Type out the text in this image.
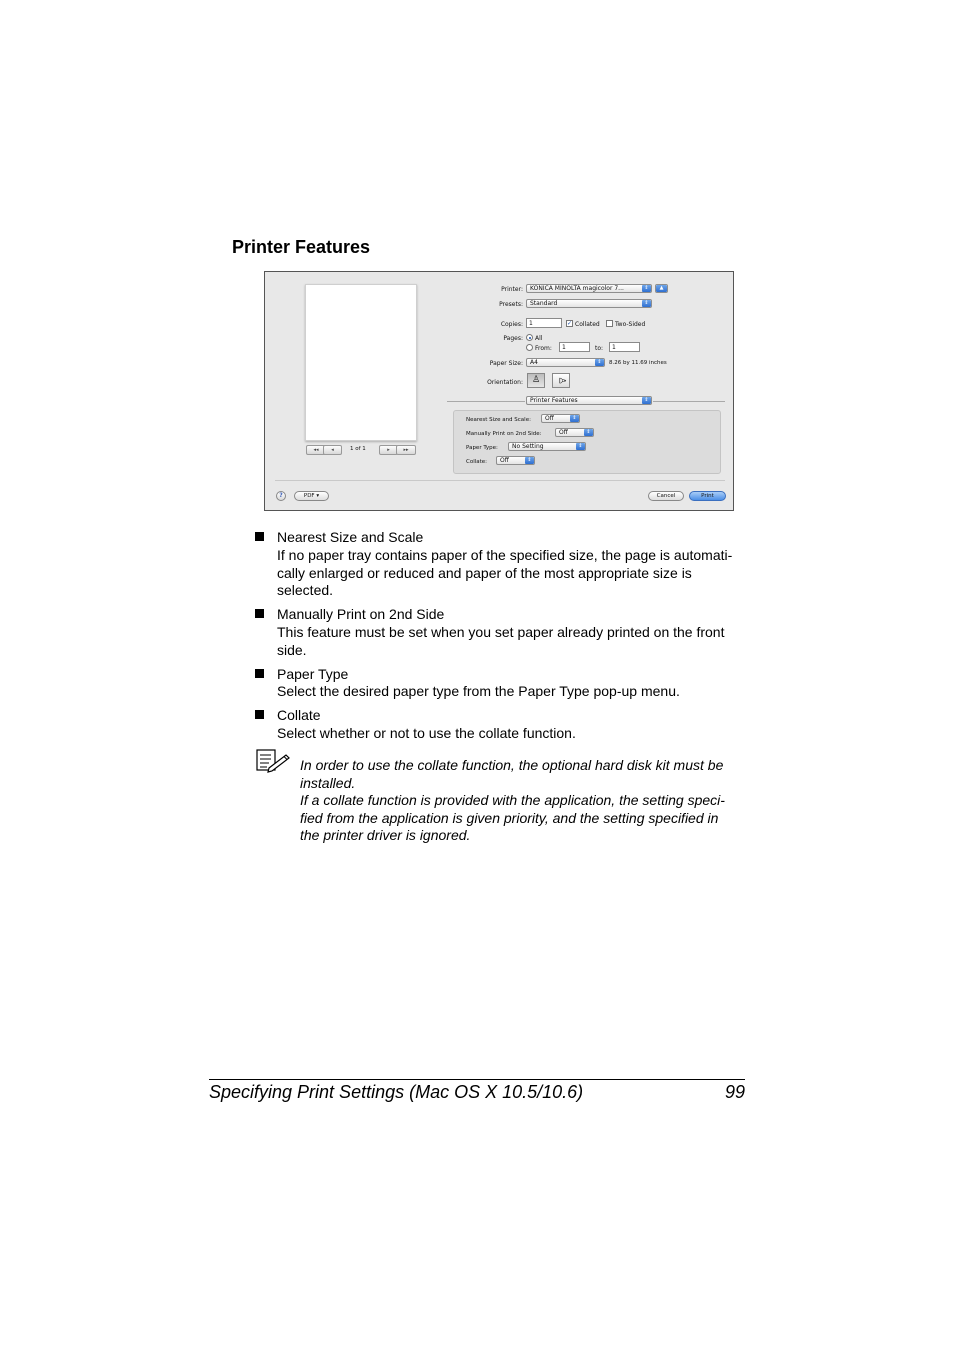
Printer Features
◂◂	◂	1 of 1	▸	▸▸
Printer:	KONICA MINOLTA magicolor 7...	⇕	▲
Presets:	Standard	⇕
Copies:	1	✓ Collated	Two-Sided
Pages: All
From:	1	to:	1
Paper Size:	A4	⇕	8.26 by 11.69 inches
Orientation: ♙	♙
Printer Features	⇕
Nearest Size and Scale:	Off	⇕
Manually Print on 2nd Side:	Off	⇕
Paper Type:	No Setting	⇕
Collate:	Off	⇕
?	PDF ▾	Cancel	Print
Nearest Size and Scale
If no paper tray contains paper of the specified size, the page is automati-
cally enlarged or reduced and paper of the most appropriate size is
selected.
Manually Print on 2nd Side
This feature must be set when you set paper already printed on the front
side.
Paper Type
Select the desired paper type from the Paper Type pop-up menu.
Collate
Select whether or not to use the collate function.
In order to use the collate function, the optional hard disk kit must be
installed.
If a collate function is provided with the application, the setting speci-
fied from the application is given priority, and the setting specified in
the printer driver is ignored.
Specifying Print Settings (Mac OS X 10.5/10.6)	99
